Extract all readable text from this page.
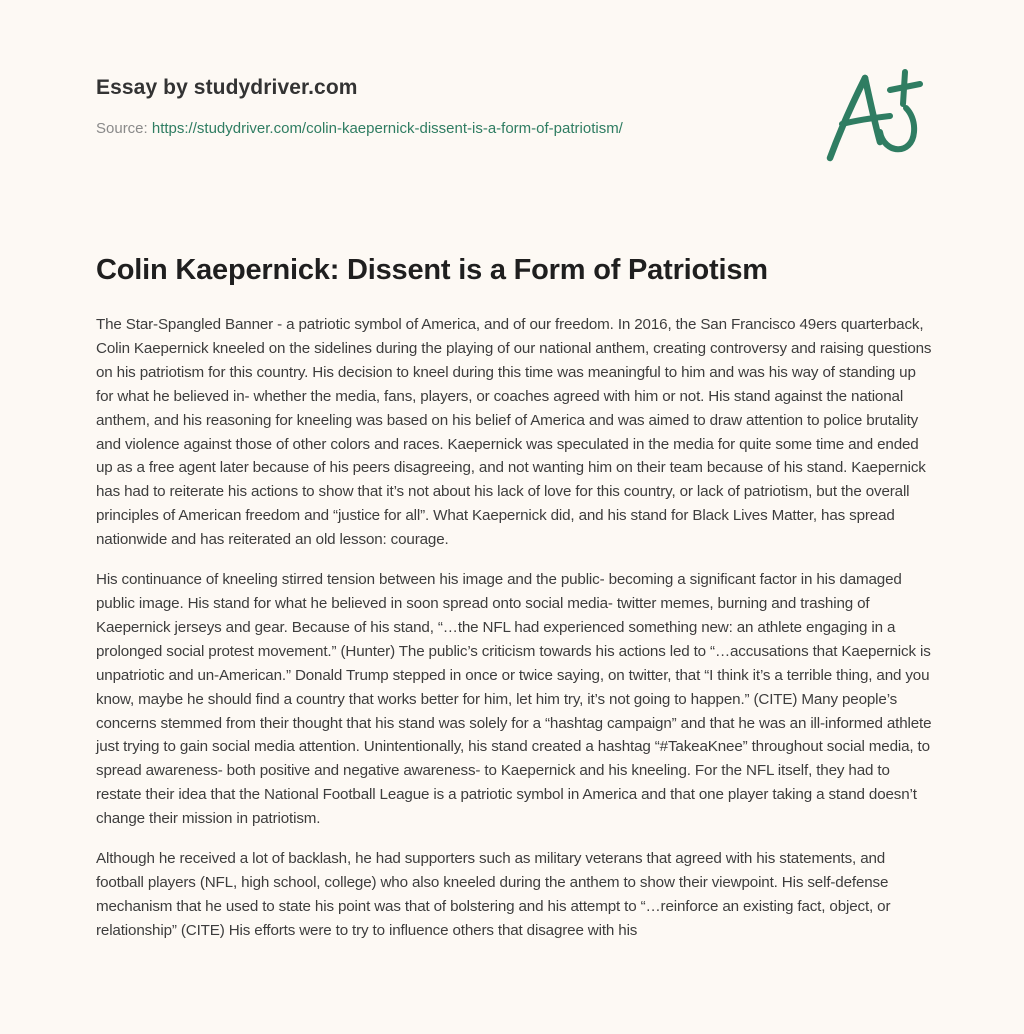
Essay by studydriver.com
Source: https://studydriver.com/colin-kaepernick-dissent-is-a-form-of-patriotism/
Colin Kaepernick: Dissent is a Form of Patriotism

The Star-Spangled Banner - a patriotic symbol of America, and of our freedom. In 2016, the San Francisco 49ers quarterback, Colin Kaepernick kneeled on the sidelines during the playing of our national anthem, creating controversy and raising questions on his patriotism for this country. His decision to kneel during this time was meaningful to him and was his way of standing up for what he believed in- whether the media, fans, players, or coaches agreed with him or not. His stand against the national anthem, and his reasoning for kneeling was based on his belief of America and was aimed to draw attention to police brutality and violence against those of other colors and races. Kaepernick was speculated in the media for quite some time and ended up as a free agent later because of his peers disagreeing, and not wanting him on their team because of his stand. Kaepernick has had to reiterate his actions to show that it’s not about his lack of love for this country, or lack of patriotism, but the overall principles of American freedom and “justice for all”. What Kaepernick did, and his stand for Black Lives Matter, has spread nationwide and has reiterated an old lesson: courage.

His continuance of kneeling stirred tension between his image and the public- becoming a significant factor in his damaged public image. His stand for what he believed in soon spread onto social media- twitter memes, burning and trashing of Kaepernick jerseys and gear. Because of his stand, “…the NFL had experienced something new: an athlete engaging in a prolonged social protest movement.” (Hunter) The public’s criticism towards his actions led to “…accusations that Kaepernick is unpatriotic and un-American.” Donald Trump stepped in once or twice saying, on twitter, that “I think it’s a terrible thing, and you know, maybe he should find a country that works better for him, let him try, it’s not going to happen.” (CITE) Many people’s concerns stemmed from their thought that his stand was solely for a “hashtag campaign” and that he was an ill-informed athlete just trying to gain social media attention. Unintentionally, his stand created a hashtag “#TakeaKnee” throughout social media, to spread awareness- both positive and negative awareness- to Kaepernick and his kneeling. For the NFL itself, they had to restate their idea that the National Football League is a patriotic symbol in America and that one player taking a stand doesn’t change their mission in patriotism.

Although he received a lot of backlash, he had supporters such as military veterans that agreed with his statements, and football players (NFL, high school, college) who also kneeled during the anthem to show their viewpoint. His self-defense mechanism that he used to state his point was that of bolstering and his attempt to “…reinforce an existing fact, object, or relationship” (CITE) His efforts were to try to influence others that disagree with his
